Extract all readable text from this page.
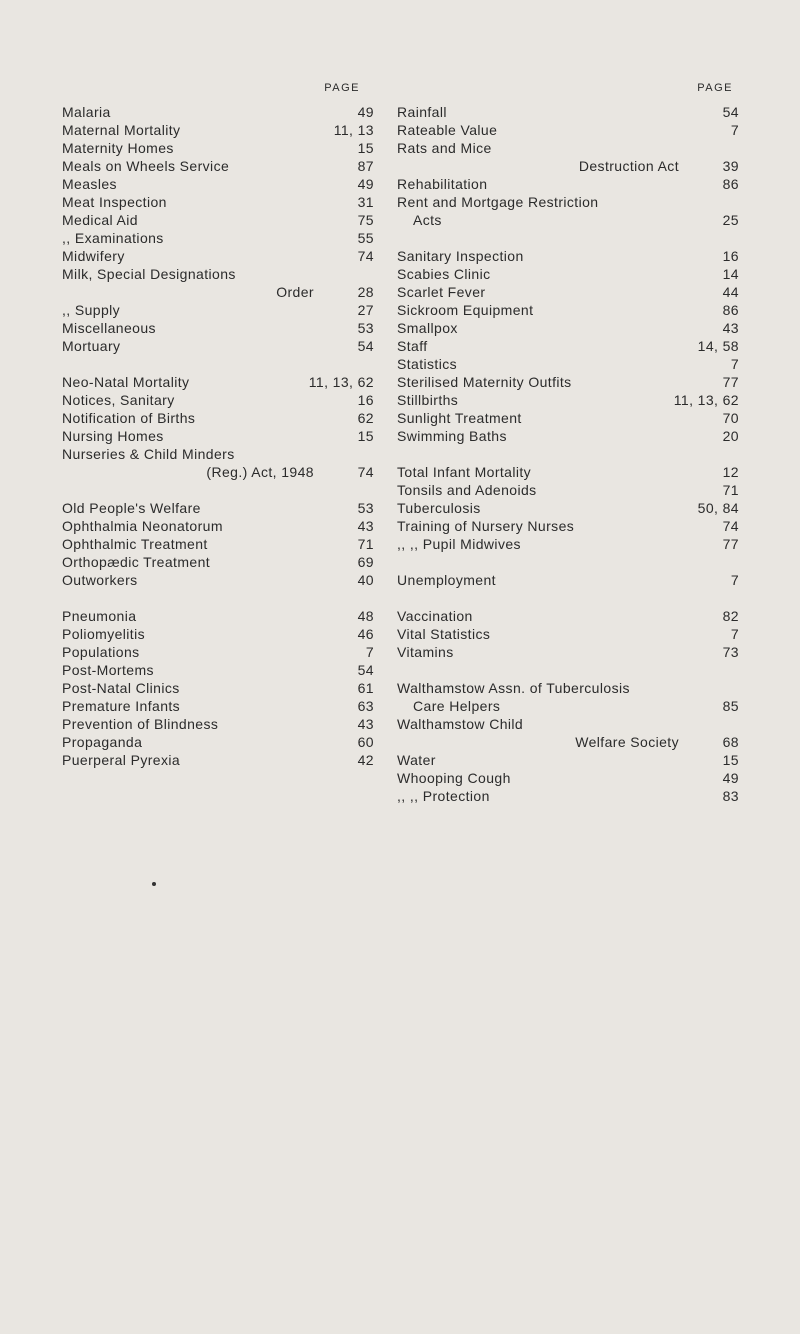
PAGE
Malaria	49
Maternal Mortality	11, 13
Maternity Homes	15
Meals on Wheels Service	87
Measles	49
Meat Inspection	31
Medical Aid	75
,, Examinations	55
Midwifery	74
Milk, Special Designations
Order	28
,, Supply	27
Miscellaneous	53
Mortuary	54
Neo-Natal Mortality	11, 13, 62
Notices, Sanitary	16
Notification of Births	62
Nursing Homes	15
Nurseries & Child Minders
(Reg.) Act, 1948	74
Old People's Welfare	53
Ophthalmia Neonatorum	43
Ophthalmic Treatment	71
Orthopædic Treatment	69
Outworkers	40
Pneumonia	48
Poliomyelitis	46
Populations	7
Post-Mortems	54
Post-Natal Clinics	61
Premature Infants	63
Prevention of Blindness	43
Propaganda	60
Puerperal Pyrexia	42
PAGE
Rainfall	54
Rateable Value	7
Rats and Mice
Destruction Act	39
Rehabilitation	86
Rent and Mortgage Restriction
Acts	25
Sanitary Inspection	16
Scabies Clinic	14
Scarlet Fever	44
Sickroom Equipment	86
Smallpox	43
Staff	14, 58
Statistics	7
Sterilised Maternity Outfits	77
Stillbirths	11, 13, 62
Sunlight Treatment	70
Swimming Baths	20
Total Infant Mortality	12
Tonsils and Adenoids	71
Tuberculosis	50, 84
Training of Nursery Nurses	74
,, ,, Pupil Midwives	77
Unemployment	7
Vaccination	82
Vital Statistics	7
Vitamins	73
Walthamstow Assn. of Tuberculosis
Care Helpers	85
Walthamstow Child
Welfare Society	68
Water	15
Whooping Cough	49
,, ,, Protection	83
